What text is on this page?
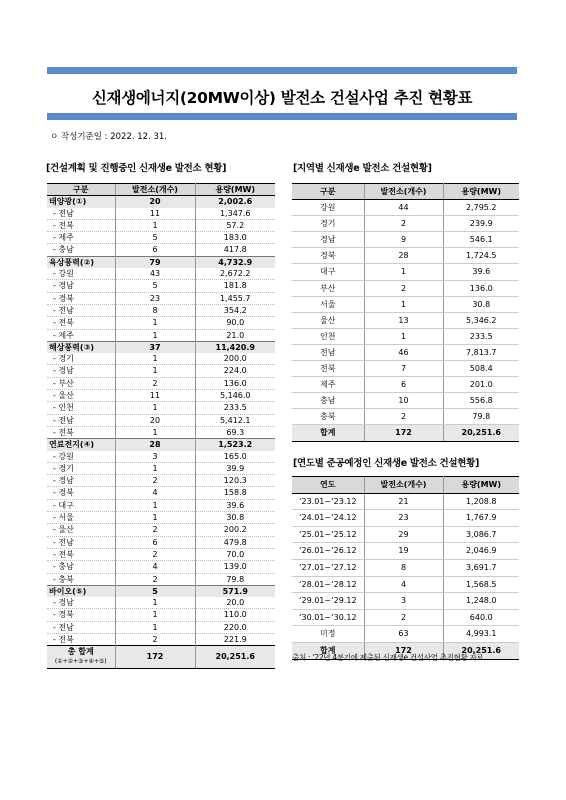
신재생에너지(20MW이상) 발전소 건설사업 추진 현황표
ㅇ 작성기준일 : 2022. 12. 31.
[건설계획 및 진행중인 신재생e 발전소 현황]
구분	발전소(개수)	용량(MW)
태양광(①)	20	2,002.6
- 전남	11	1,347.6
- 전북	1	57.2
- 제주	5	183.0
- 충남	6	417.8
육상풍력(②)	79	4,732.9
- 강원	43	2,672.2
- 경남	5	181.8
- 경북	23	1,455.7
- 전남	8	354.2
- 전북	1	90.0
- 제주	1	21.0
해상풍력(③)	37	11,420.9
- 경기	1	200.0
- 경남	1	224.0
- 부산	2	136.0
- 울산	11	5,146.0
- 인천	1	233.5
- 전남	20	5,412.1
- 전북	1	69.3
연료전지(④)	28	1,523.2
- 강원	3	165.0
- 경기	1	39.9
- 경남	2	120.3
- 경북	4	158.8
- 대구	1	39.6
- 서울	1	30.8
- 울산	2	200.2
- 전남	6	479.8
- 전북	2	70.0
- 충남	4	139.0
- 충북	2	79.8
바이오(⑤)	5	571.9
- 경남	1	20.0
- 경북	1	110.0
- 전남	1	220.0
- 전북	2	221.9

총 합계
(①+②+③+④+⑤)	172	20,251.6
[지역별 신재생e 발전소 건설현황]
구분	발전소(개수)	용량(MW)
강원	44	2,795.2
경기	2	239.9
경남	9	546.1
경북	28	1,724.5
대구	1	39.6
부산	2	136.0
서울	1	30.8
울산	13	5,346.2
인천	1	233.5
전남	46	7,813.7
전북	7	508.4
제주	6	201.0
충남	10	556.8
충북	2	79.8
합계	172	20,251.6
[연도별 준공예정인 신재생e 발전소 건설현황]
연도	발전소(개수)	용량(MW)
‘23.01~‘23.12	21	1,208.8
‘24.01~‘24.12	23	1,767.9
‘25.01~‘25.12	29	3,086.7
‘26.01~‘26.12	19	2,046.9
‘27.01~‘27.12	8	3,691.7
‘28.01~‘28.12	4	1,568.5
‘29.01~‘29.12	3	1,248.0
‘30.01~‘30.12	2	640.0
미정	63	4,993.1
합계	172	20,251.6
출처 : ‘22년 4분기에 제출된 신재생e 건설사업 추진현황 자료
